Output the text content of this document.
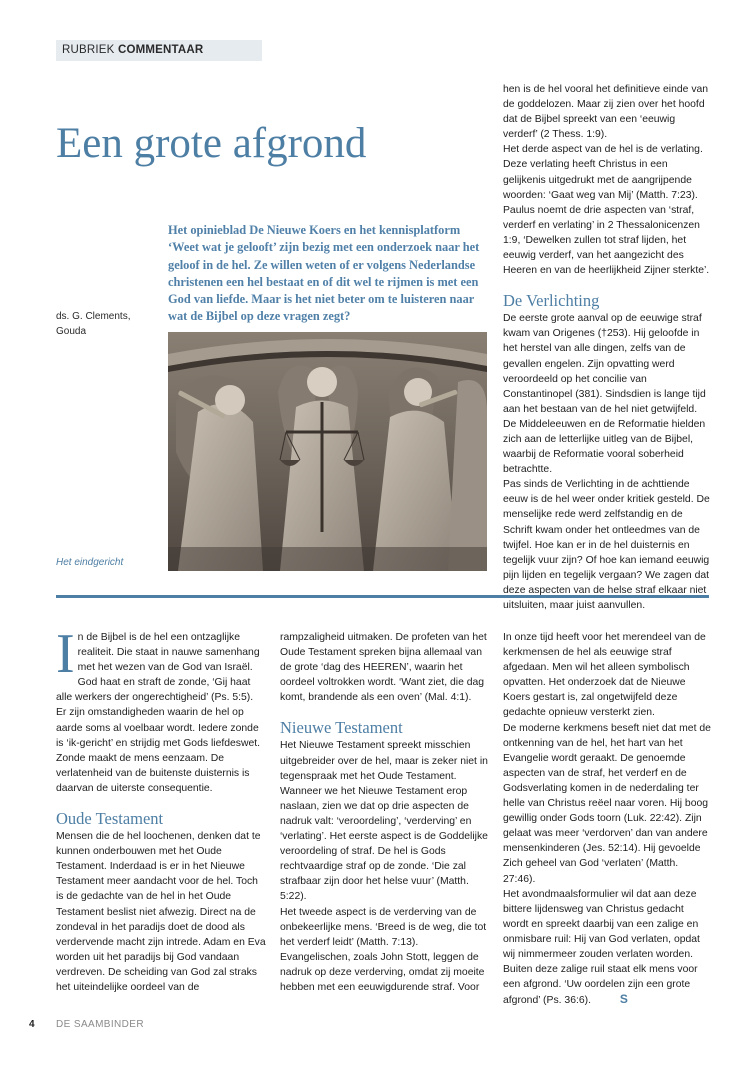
RUBRIEK COMMENTAAR
Een grote afgrond
Het opinieblad De Nieuwe Koers en het kennisplatform ‘Weet wat je gelooft’ zijn bezig met een onderzoek naar het geloof in de hel. Ze willen weten of er volgens Nederlandse christenen een hel bestaat en of dit wel te rijmen is met een God van liefde. Maar is het niet beter om te luisteren naar wat de Bijbel op deze vragen zegt?
ds. G. Clements,
Gouda
Het eindgericht

hen is de hel vooral het definitieve einde van de goddelozen. Maar zij zien over het hoofd dat de Bijbel spreekt van een ‘eeuwig verderf’ (2 Thess. 1:9).

Het derde aspect van de hel is de verlating. Deze verlating heeft Christus in een gelijkenis uitgedrukt met de aangrijpende woorden: ‘Gaat weg van Mij’ (Matth. 7:23). Paulus noemt de drie aspecten van ‘straf, verderf en verlating’ in 2 Thessalonicenzen 1:9, ‘Dewelken zullen tot straf lijden, het eeuwig verderf, van het aangezicht des Heeren en van de heerlijkheid Zijner sterkte’.

De Verlichting

De eerste grote aanval op de eeuwige straf kwam van Origenes (†253). Hij geloofde in het herstel van alle dingen, zelfs van de gevallen engelen. Zijn opvatting werd veroordeeld op het concilie van Constantinopel (381). Sindsdien is lange tijd aan het bestaan van de hel niet getwijfeld. De Middeleeuwen en de Reformatie hielden zich aan de letterlijke uitleg van de Bijbel, waarbij de Reformatie vooral soberheid betrachtte.

Pas sinds de Verlichting in de achttiende eeuw is de hel weer onder kritiek gesteld. De menselijke rede werd zelfstandig en de Schrift kwam onder het ontleedmes van de twijfel. Hoe kan er in de hel duisternis en tegelijk vuur zijn? Of hoe kan iemand eeuwig pijn lijden en tegelijk vergaan? We zagen dat deze aspecten van de helse straf elkaar niet uitsluiten, maar juist aanvullen.

I n de Bijbel is de hel een ontzaglijke realiteit. Die staat in nauwe samenhang met het wezen van de God van Israël. God haat en straft de zonde, ‘Gij haat alle werkers der ongerechtigheid’ (Ps. 5:5). Er zijn omstandigheden waarin de hel op aarde soms al voelbaar wordt. Iedere zonde is ‘ik-gericht’ en strijdig met Gods liefdeswet. Zonde maakt de mens eenzaam. De verlatenheid van de buitenste duisternis is daarvan de uiterste consequentie.

Oude Testament

Mensen die de hel loochenen, denken dat te kunnen onderbouwen met het Oude Testament. Inderdaad is er in het Nieuwe Testament meer aandacht voor de hel. Toch is de gedachte van de hel in het Oude Testament beslist niet afwezig. Direct na de zondeval in het paradijs doet de dood als verdervende macht zijn intrede. Adam en Eva worden uit het paradijs bij God vandaan verdreven. De scheiding van God zal straks het uiteindelijke oordeel van de

rampzaligheid uitmaken. De profeten van het Oude Testament spreken bijna allemaal van de grote ‘dag des HEEREN’, waarin het oordeel voltrokken wordt. ‘Want ziet, die dag komt, brandende als een oven’ (Mal. 4:1).

Nieuwe Testament

Het Nieuwe Testament spreekt misschien uitgebreider over de hel, maar is zeker niet in tegenspraak met het Oude Testament. Wanneer we het Nieuwe Testament erop naslaan, zien we dat op drie aspecten de nadruk valt: ‘veroordeling’, ‘verderving’ en ‘verlating’. Het eerste aspect is de Goddelijke veroordeling of straf. De hel is Gods rechtvaardige straf op de zonde. ‘Die zal strafbaar zijn door het helse vuur’ (Matth. 5:22).

Het tweede aspect is de verderving van de onbekeerlijke mens. ‘Breed is de weg, die tot het verderf leidt’ (Matth. 7:13). Evangelischen, zoals John Stott, leggen de nadruk op deze verderving, omdat zij moeite hebben met een eeuwigdurende straf. Voor

In onze tijd heeft voor het merendeel van de kerkmensen de hel als eeuwige straf afgedaan. Men wil het alleen symbolisch opvatten. Het onderzoek dat de Nieuwe Koers gestart is, zal ongetwijfeld deze gedachte opnieuw versterkt zien.

De moderne kerkmens beseft niet dat met de ontkenning van de hel, het hart van het Evangelie wordt geraakt. De genoemde aspecten van de straf, het verderf en de Godsverlating komen in de nederdaling ter helle van Christus reëel naar voren. Hij boog gewillig onder Gods toorn (Luk. 22:42). Zijn gelaat was meer ‘verdorven’ dan van andere mensenkinderen (Jes. 52:14). Hij gevoelde Zich geheel van God ‘verlaten’ (Matth. 27:46).

Het avondmaalsformulier wil dat aan deze bittere lijdensweg van Christus gedacht wordt en spreekt daarbij van een zalige en onmisbare ruil: Hij van God verlaten, opdat wij nimmermeer zouden verlaten worden. Buiten deze zalige ruil staat elk mens voor een afgrond. ‘Uw oordelen zijn een grote afgrond’ (Ps. 36:6). S

4 DE SAAMBINDER
